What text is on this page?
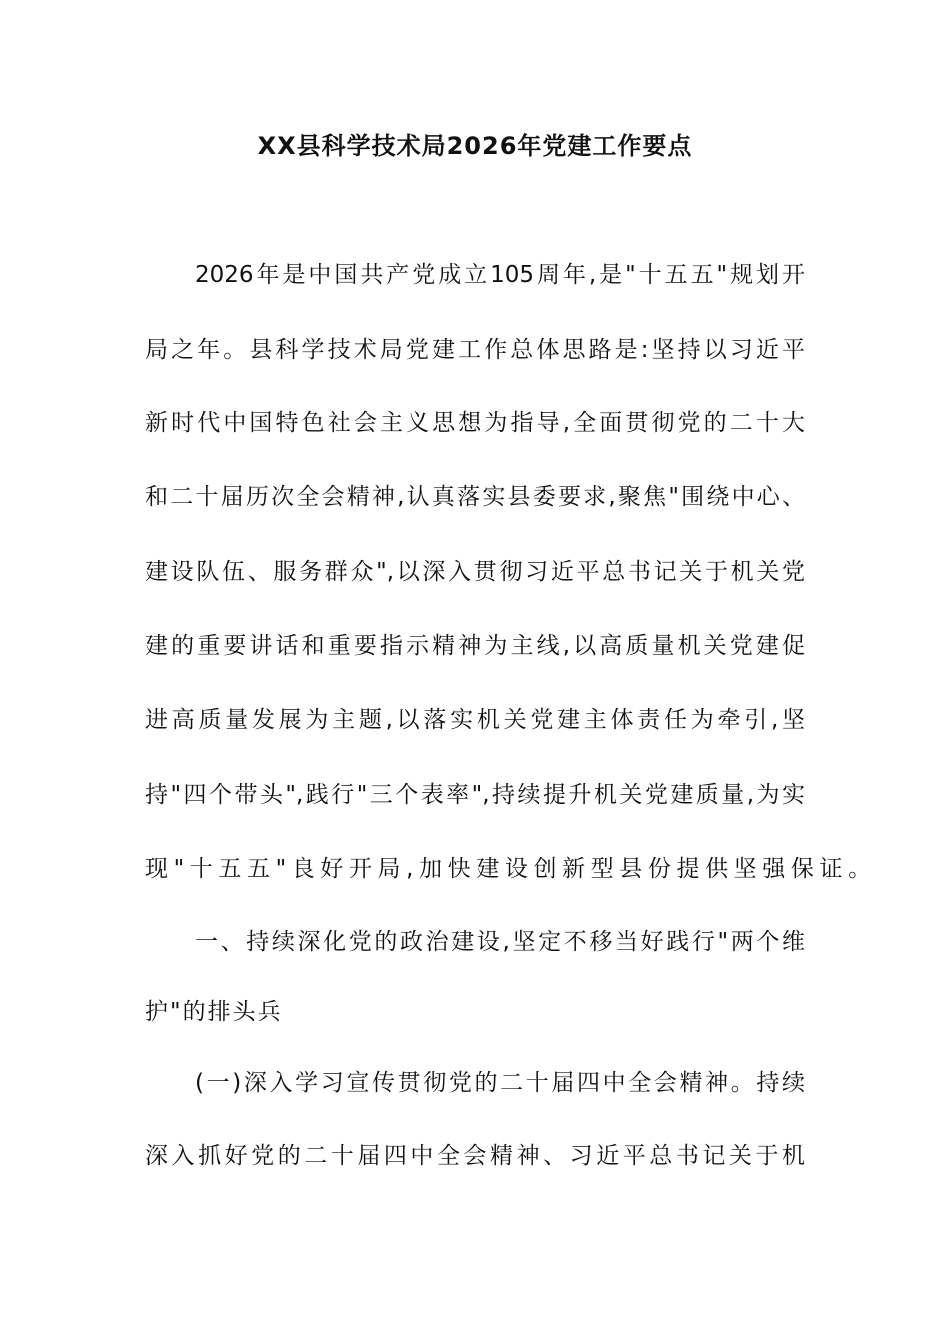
XX县科学技术局2026年党建工作要点
2026年是中国共产党成立105周年,是"十五五"规划开
局之年。县科学技术局党建工作总体思路是:坚持以习近平
新时代中国特色社会主义思想为指导,全面贯彻党的二十大
和二十届历次全会精神,认真落实县委要求,聚焦"围绕中心、
建设队伍、服务群众",以深入贯彻习近平总书记关于机关党
建的重要讲话和重要指示精神为主线,以高质量机关党建促
进高质量发展为主题,以落实机关党建主体责任为牵引,坚
持"四个带头",践行"三个表率",持续提升机关党建质量,为实
现"十五五"良好开局,加快建设创新型县份提供坚强保证。
一、持续深化党的政治建设,坚定不移当好践行"两个维
护"的排头兵
(一)深入学习宣传贯彻党的二十届四中全会精神。持续
深入抓好党的二十届四中全会精神、习近平总书记关于机
